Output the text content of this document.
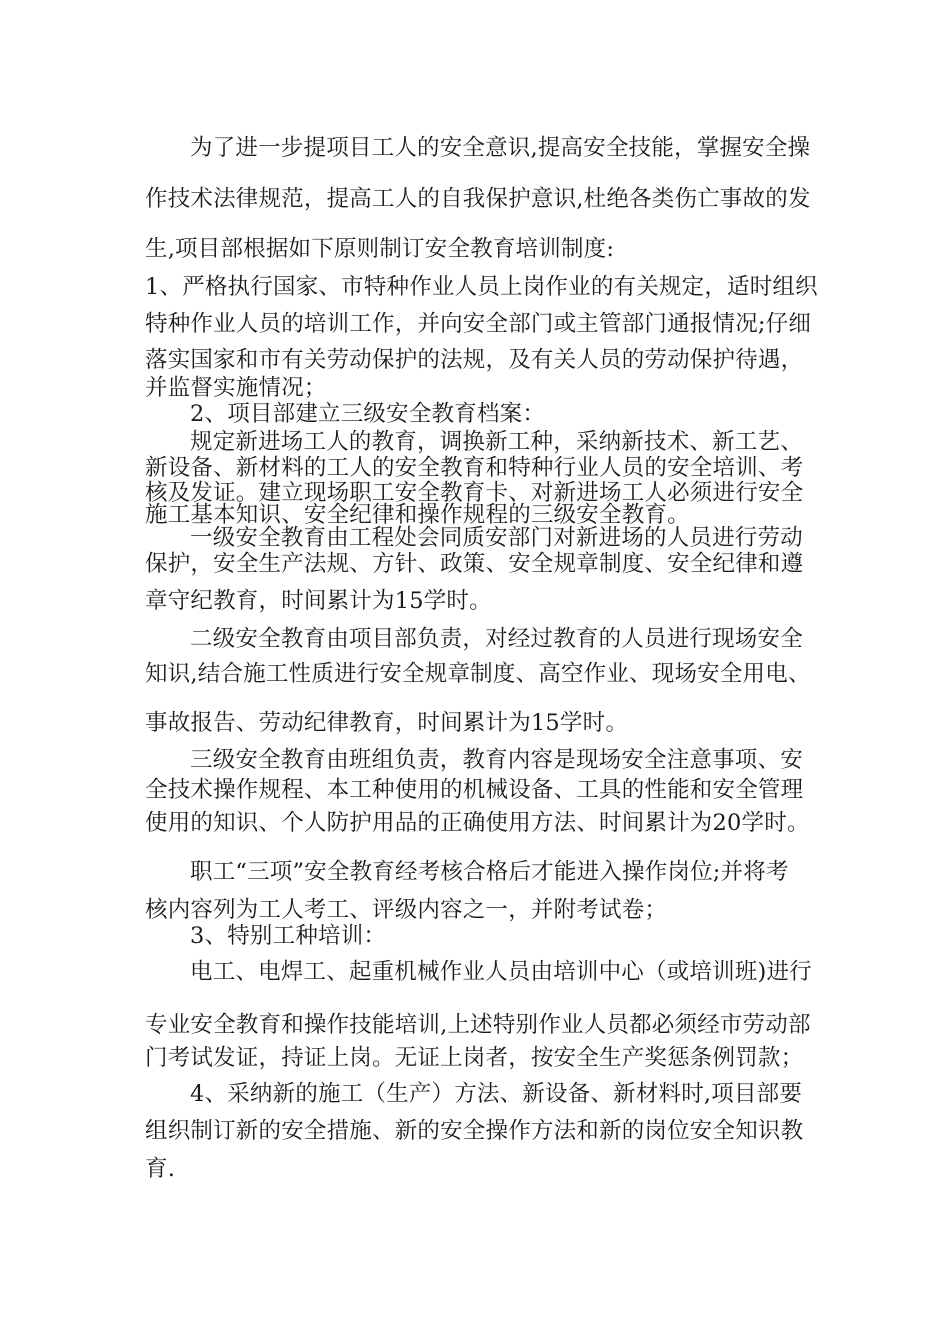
为了进一步提项目工人的安全意识,提高安全技能，掌握安全操
作技术法律规范，提高工人的自我保护意识,杜绝各类伤亡事故的发
生,项目部根据如下原则制订安全教育培训制度:
1、严格执行国家、市特种作业人员上岗作业的有关规定，适时组织
特种作业人员的培训工作，并向安全部门或主管部门通报情况;仔细
落实国家和市有关劳动保护的法规，及有关人员的劳动保护待遇，
并监督实施情况；
2、项目部建立三级安全教育档案：
规定新进场工人的教育，调换新工种，采纳新技术、新工艺、
新设备、新材料的工人的安全教育和特种行业人员的安全培训、考
核及发证。建立现场职工安全教育卡、对新进场工人必须进行安全
施工基本知识、安全纪律和操作规程的三级安全教育。
一级安全教育由工程处会同质安部门对新进场的人员进行劳动
保护，安全生产法规、方针、政策、安全规章制度、安全纪律和遵
章守纪教育，时间累计为15学时。
二级安全教育由项目部负责，对经过教育的人员进行现场安全
知识,结合施工性质进行安全规章制度、高空作业、现场安全用电、
事故报告、劳动纪律教育，时间累计为15学时。
三级安全教育由班组负责，教育内容是现场安全注意事项、安
全技术操作规程、本工种使用的机械设备、工具的性能和安全管理
使用的知识、个人防护用品的正确使用方法、时间累计为20学时。
职工“三项”安全教育经考核合格后才能进入操作岗位;并将考
核内容列为工人考工、评级内容之一，并附考试卷；
3、特别工种培训：
电工、电焊工、起重机械作业人员由培训中心（或培训班)进行
专业安全教育和操作技能培训,上述特别作业人员都必须经市劳动部
门考试发证，持证上岗。无证上岗者，按安全生产奖惩条例罚款；
4、采纳新的施工（生产）方法、新设备、新材料时,项目部要
组织制订新的安全措施、新的安全操作方法和新的岗位安全知识教
育.
